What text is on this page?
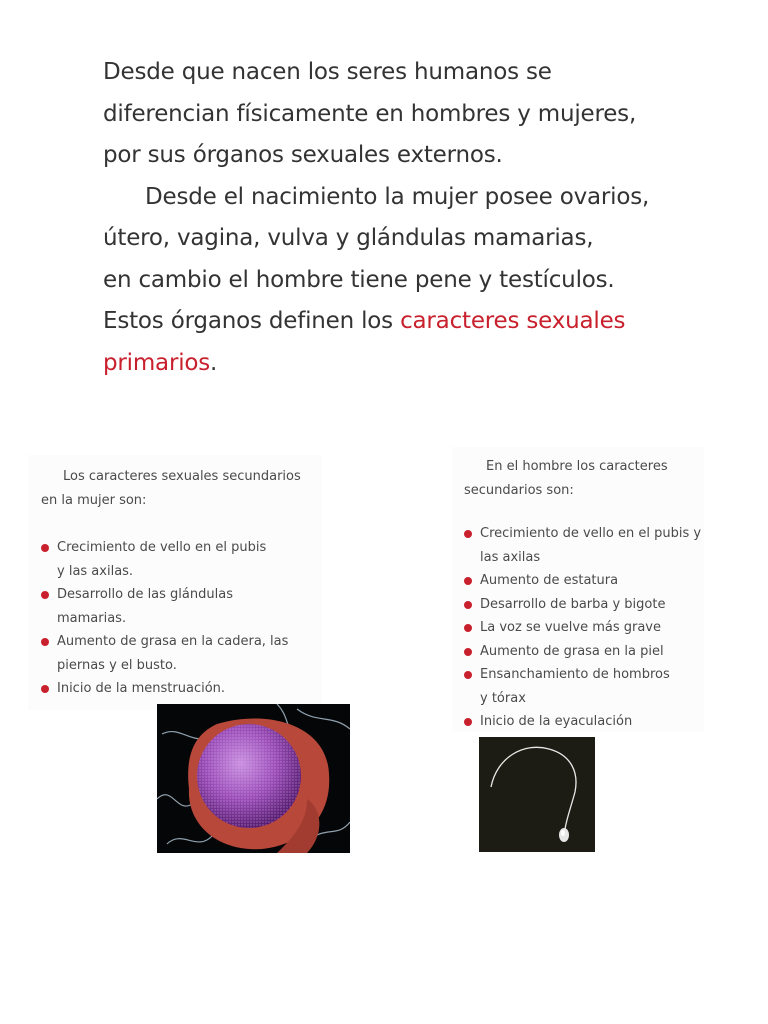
Desde que nacen los seres humanos se
diferencian físicamente en hombres y mujeres,
por sus órganos sexuales externos.
Desde el nacimiento la mujer posee ovarios,
útero, vagina, vulva y glándulas mamarias,
en cambio el hombre tiene pene y testículos.
Estos órganos definen los caracteres sexuales
primarios.
Los caracteres sexuales secundarios
en la mujer son:
Crecimiento de vello en el pubis
y las axilas.
Desarrollo de las glándulas
mamarias.
Aumento de grasa en la cadera, las
piernas y el busto.
Inicio de la menstruación.
En el hombre los caracteres
secundarios son:
Crecimiento de vello en el pubis y
las axilas
Aumento de estatura
Desarrollo de barba y bigote
La voz se vuelve más grave
Aumento de grasa en la piel
Ensanchamiento de hombros
y tórax
Inicio de la eyaculación
